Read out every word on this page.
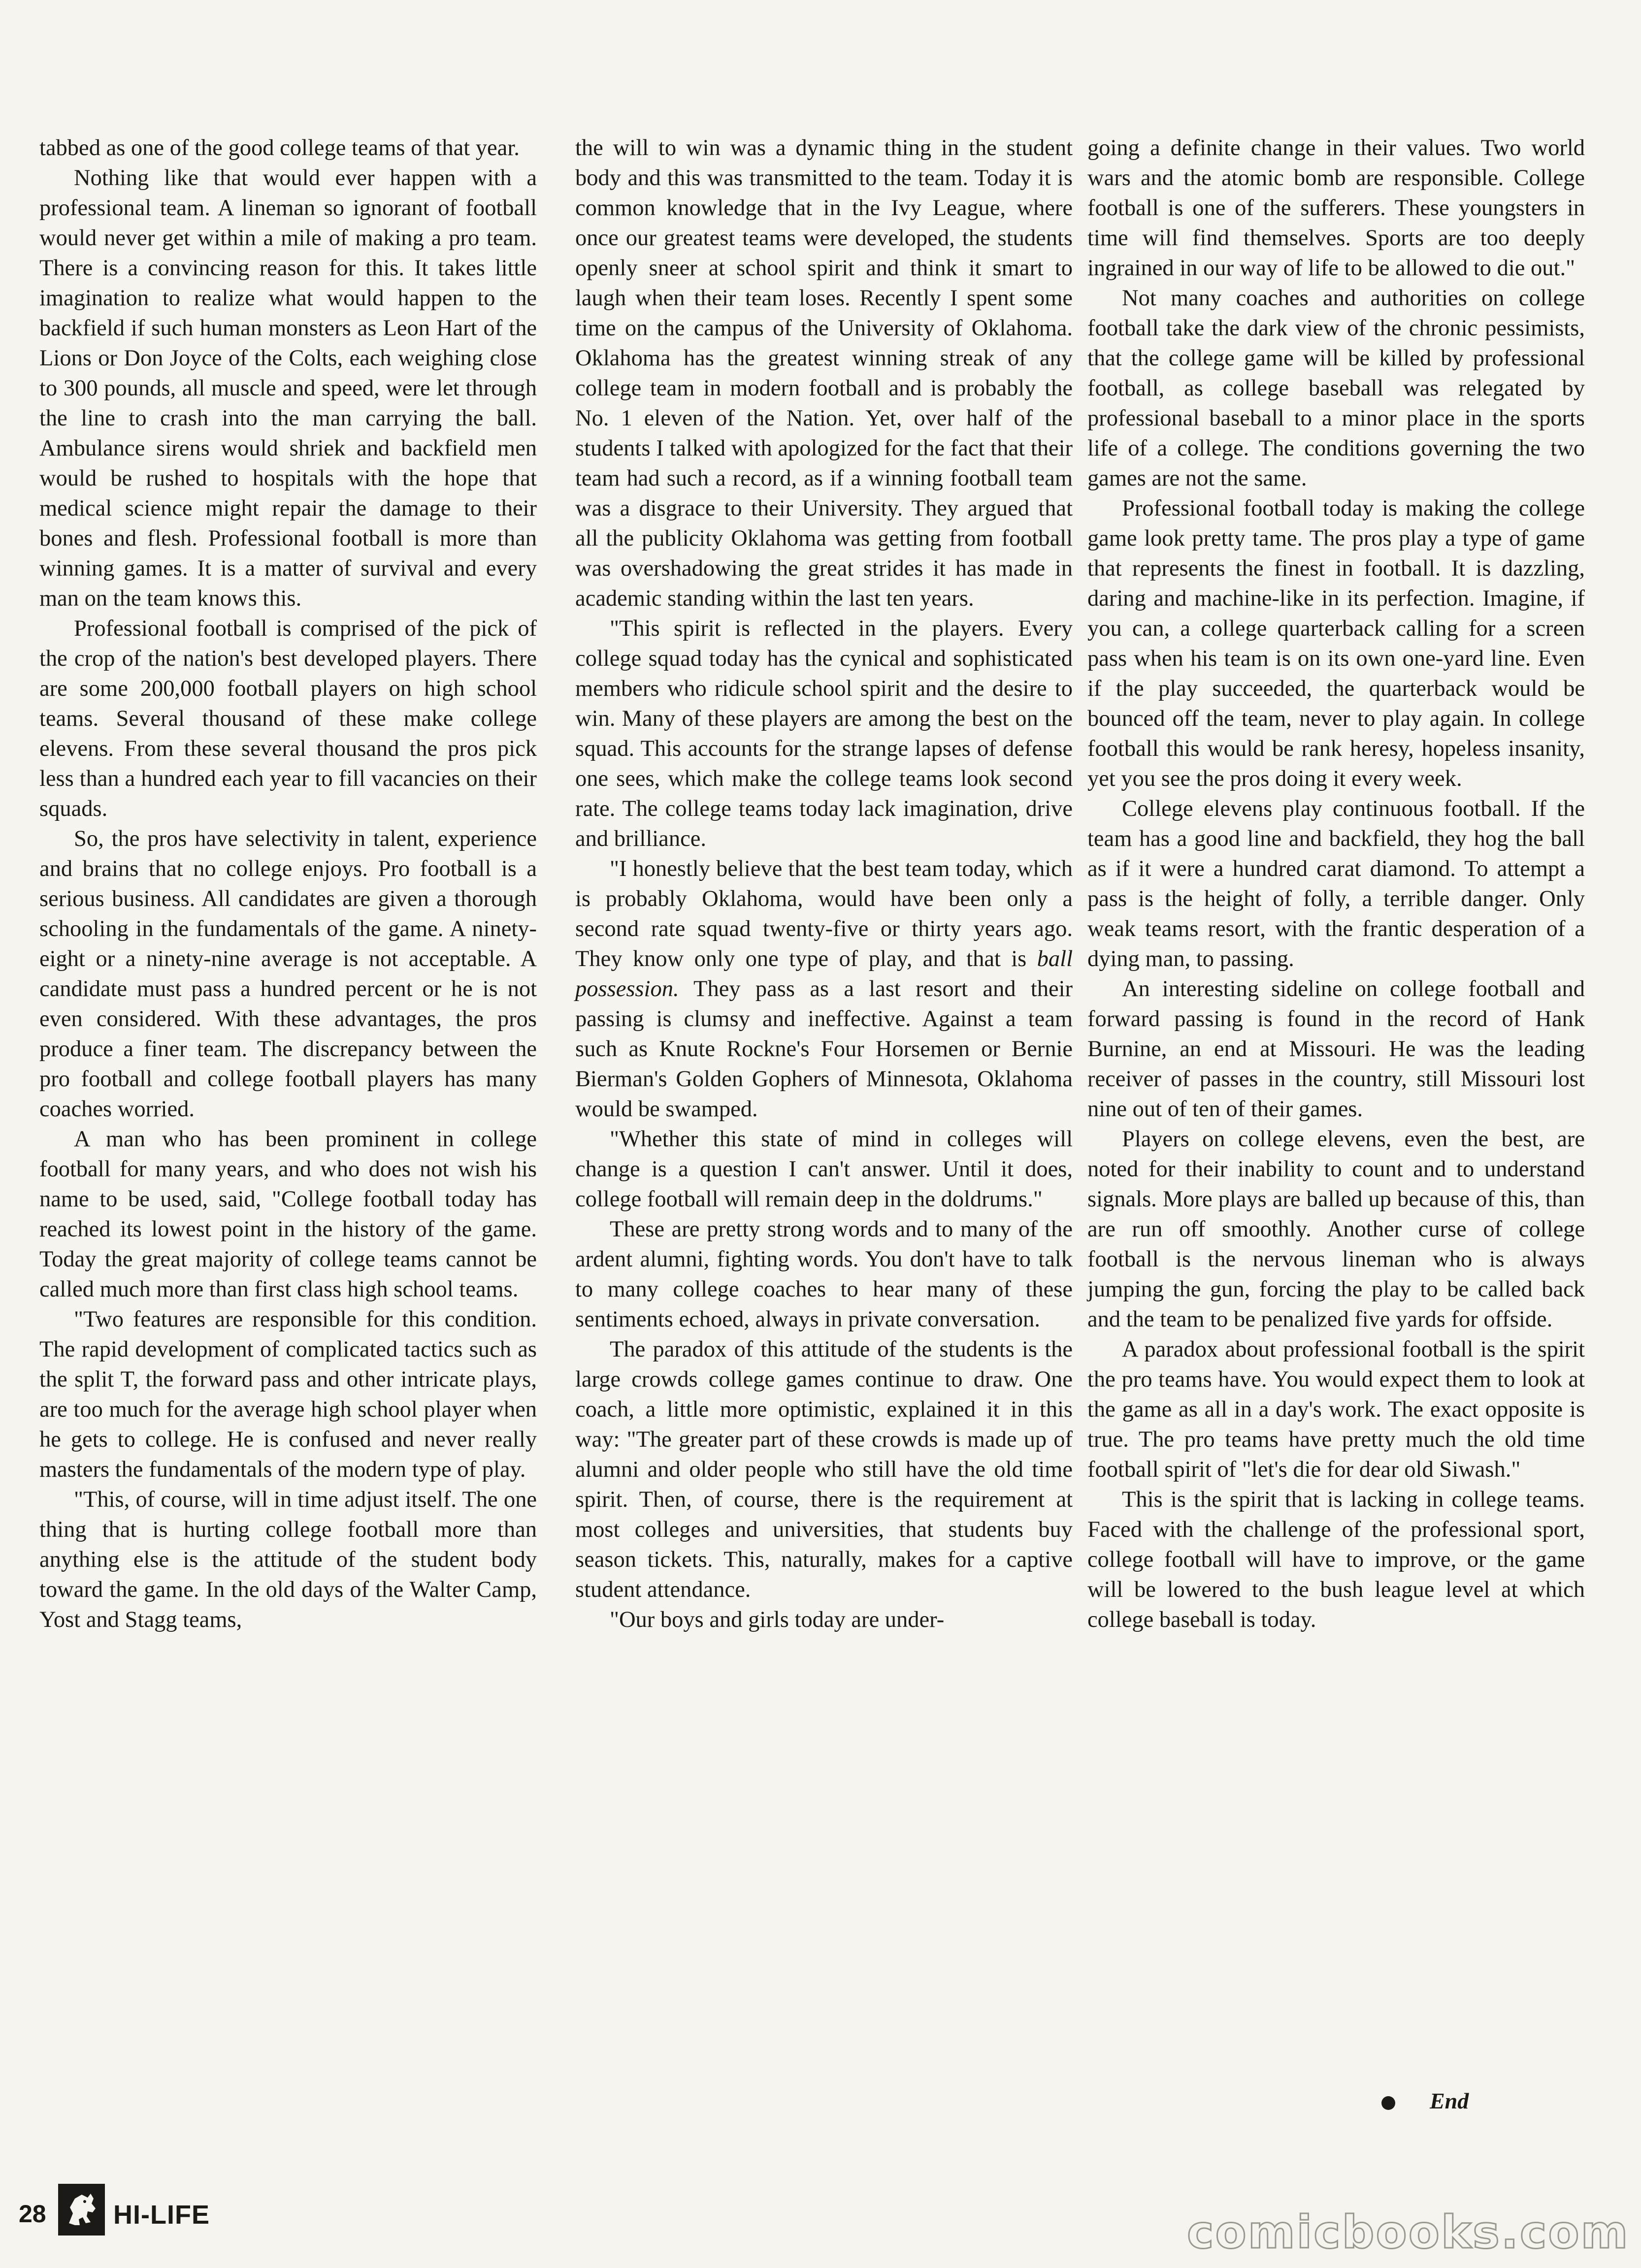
tabbed as one of the good college teams of that year.

Nothing like that would ever happen with a professional team. A lineman so ignorant of football would never get within a mile of making a pro team. There is a convincing reason for this. It takes little imagination to realize what would happen to the backfield if such human monsters as Leon Hart of the Lions or Don Joyce of the Colts, each weighing close to 300 pounds, all muscle and speed, were let through the line to crash into the man carrying the ball. Ambulance sirens would shriek and backfield men would be rushed to hospitals with the hope that medical science might repair the damage to their bones and flesh. Professional football is more than winning games. It is a matter of survival and every man on the team knows this.

Professional football is comprised of the pick of the crop of the nation's best developed players. There are some 200,000 football players on high school teams. Several thousand of these make college elevens. From these several thousand the pros pick less than a hundred each year to fill vacancies on their squads.

So, the pros have selectivity in talent, experience and brains that no college enjoys. Pro football is a serious business. All candidates are given a thorough schooling in the fundamentals of the game. A ninety-eight or a ninety-nine average is not acceptable. A candidate must pass a hundred percent or he is not even considered. With these advantages, the pros produce a finer team. The discrepancy between the pro football and college football players has many coaches worried.

A man who has been prominent in college football for many years, and who does not wish his name to be used, said, "College football today has reached its lowest point in the history of the game. Today the great majority of college teams cannot be called much more than first class high school teams.

"Two features are responsible for this condition. The rapid development of complicated tactics such as the split T, the forward pass and other intricate plays, are too much for the average high school player when he gets to college. He is confused and never really masters the fundamentals of the modern type of play.

"This, of course, will in time adjust itself. The one thing that is hurting college football more than anything else is the attitude of the student body toward the game. In the old days of the Walter Camp, Yost and Stagg teams,

the will to win was a dynamic thing in the student body and this was transmitted to the team. Today it is common knowledge that in the Ivy League, where once our greatest teams were developed, the students openly sneer at school spirit and think it smart to laugh when their team loses. Recently I spent some time on the campus of the University of Oklahoma. Oklahoma has the greatest winning streak of any college team in modern football and is probably the No. 1 eleven of the Nation. Yet, over half of the students I talked with apologized for the fact that their team had such a record, as if a winning football team was a disgrace to their University. They argued that all the publicity Oklahoma was getting from football was overshadowing the great strides it has made in academic standing within the last ten years.

"This spirit is reflected in the players. Every college squad today has the cynical and sophisticated members who ridicule school spirit and the desire to win. Many of these players are among the best on the squad. This accounts for the strange lapses of defense one sees, which make the college teams look second rate. The college teams today lack imagination, drive and brilliance.

"I honestly believe that the best team today, which is probably Oklahoma, would have been only a second rate squad twenty-five or thirty years ago. They know only one type of play, and that is ball possession. They pass as a last resort and their passing is clumsy and ineffective. Against a team such as Knute Rockne's Four Horsemen or Bernie Bierman's Golden Gophers of Minnesota, Oklahoma would be swamped.

"Whether this state of mind in colleges will change is a question I can't answer. Until it does, college football will remain deep in the doldrums."

These are pretty strong words and to many of the ardent alumni, fighting words. You don't have to talk to many college coaches to hear many of these sentiments echoed, always in private conversation.

The paradox of this attitude of the students is the large crowds college games continue to draw. One coach, a little more optimistic, explained it in this way: "The greater part of these crowds is made up of alumni and older people who still have the old time spirit. Then, of course, there is the requirement at most colleges and universities, that students buy season tickets. This, naturally, makes for a captive student attendance.

"Our boys and girls today are under-

going a definite change in their values. Two world wars and the atomic bomb are responsible. College football is one of the sufferers. These youngsters in time will find themselves. Sports are too deeply ingrained in our way of life to be allowed to die out."

Not many coaches and authorities on college football take the dark view of the chronic pessimists, that the college game will be killed by professional football, as college baseball was relegated by professional baseball to a minor place in the sports life of a college. The conditions governing the two games are not the same.

Professional football today is making the college game look pretty tame. The pros play a type of game that represents the finest in football. It is dazzling, daring and machine-like in its perfection. Imagine, if you can, a college quarterback calling for a screen pass when his team is on its own one-yard line. Even if the play succeeded, the quarterback would be bounced off the team, never to play again. In college football this would be rank heresy, hopeless insanity, yet you see the pros doing it every week.

College elevens play continuous football. If the team has a good line and backfield, they hog the ball as if it were a hundred carat diamond. To attempt a pass is the height of folly, a terrible danger. Only weak teams resort, with the frantic desperation of a dying man, to passing.

An interesting sideline on college football and forward passing is found in the record of Hank Burnine, an end at Missouri. He was the leading receiver of passes in the country, still Missouri lost nine out of ten of their games.

Players on college elevens, even the best, are noted for their inability to count and to understand signals. More plays are balled up because of this, than are run off smoothly. Another curse of college football is the nervous lineman who is always jumping the gun, forcing the play to be called back and the team to be penalized five yards for offside.

A paradox about professional football is the spirit the pro teams have. You would expect them to look at the game as all in a day's work. The exact opposite is true. The pro teams have pretty much the old time football spirit of "let's die for dear old Siwash."

This is the spirit that is lacking in college teams. Faced with the challenge of the professional sport, college football will have to improve, or the game will be lowered to the bush league level at which college baseball is today.

End
28	HI-LIFE	comicbooks.com
